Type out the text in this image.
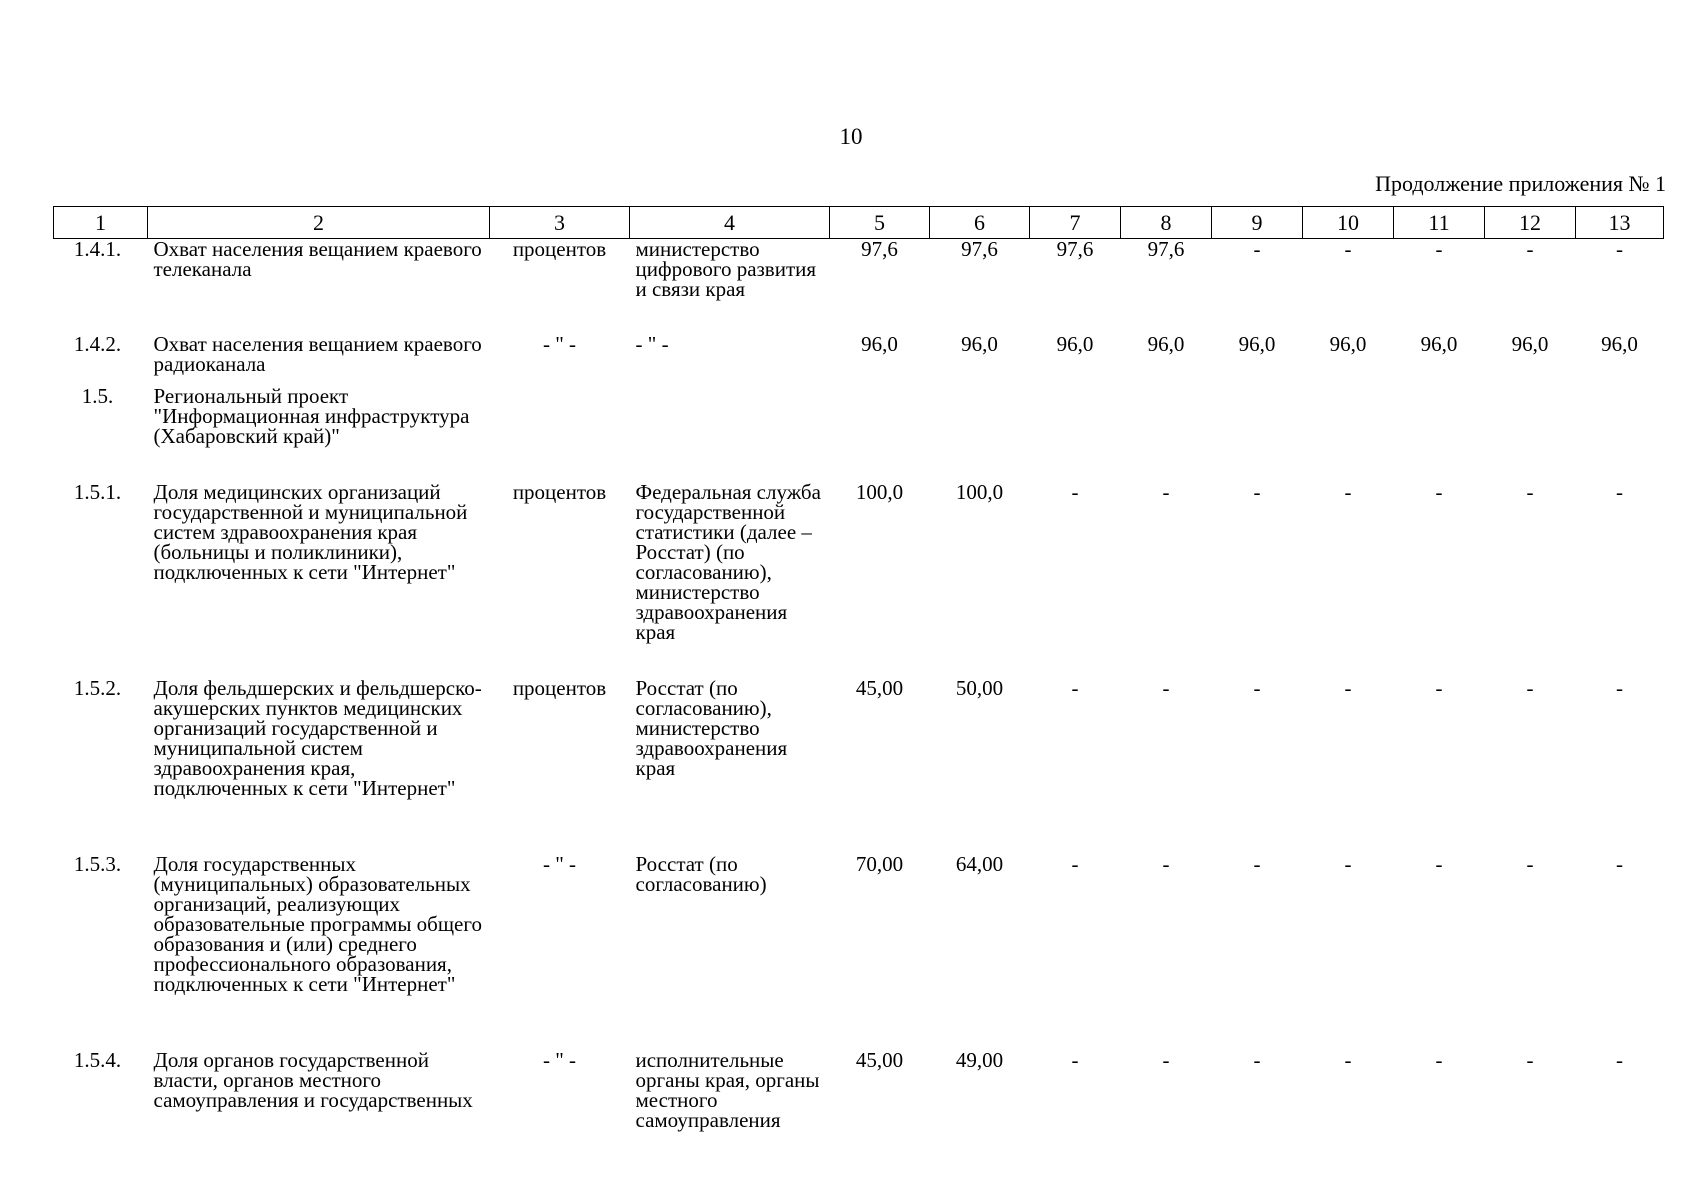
10
Продолжение приложения № 1
1	2	3	4	5	6	7	8	9	10	11	12	13
1.4.1.	Охват населения вещанием краевого телеканала	процентов	министерство цифрового развития и связи края	97,6	97,6	97,6	97,6	-	-	-	-	-
1.4.2.	Охват населения вещанием краевого радиоканала	- " -	- " -	96,0	96,0	96,0	96,0	96,0	96,0	96,0	96,0	96,0
1.5.	Региональный проект "Информационная инфраструктура (Хабаровский край)"											
1.5.1.	Доля медицинских организаций государственной и муниципальной систем здравоохранения края (больницы и поликлиники), подключенных к сети "Интернет"	процентов	Федеральная служба государственной статистики (далее – Росстат) (по согласованию), министерство здравоохранения края	100,0	100,0	-	-	-	-	-	-	-
1.5.2.	Доля фельдшерских и фельдшерско-акушерских пунктов медицинских организаций государственной и муниципальной систем здравоохранения края, подключенных к сети "Интернет"	процентов	Росстат (по согласованию), министерство здравоохранения края	45,00	50,00	-	-	-	-	-	-	-
1.5.3.	Доля государственных (муниципальных) образовательных организаций, реализующих образовательные программы общего образования и (или) среднего профессионального образования, подключенных к сети "Интернет"	- " -	Росстат (по согласованию)	70,00	64,00	-	-	-	-	-	-	-
1.5.4.	Доля органов государственной власти, органов местного самоуправления и государственных	- " -	исполнительные органы края, органы местного самоуправления	45,00	49,00	-	-	-	-	-	-	-
